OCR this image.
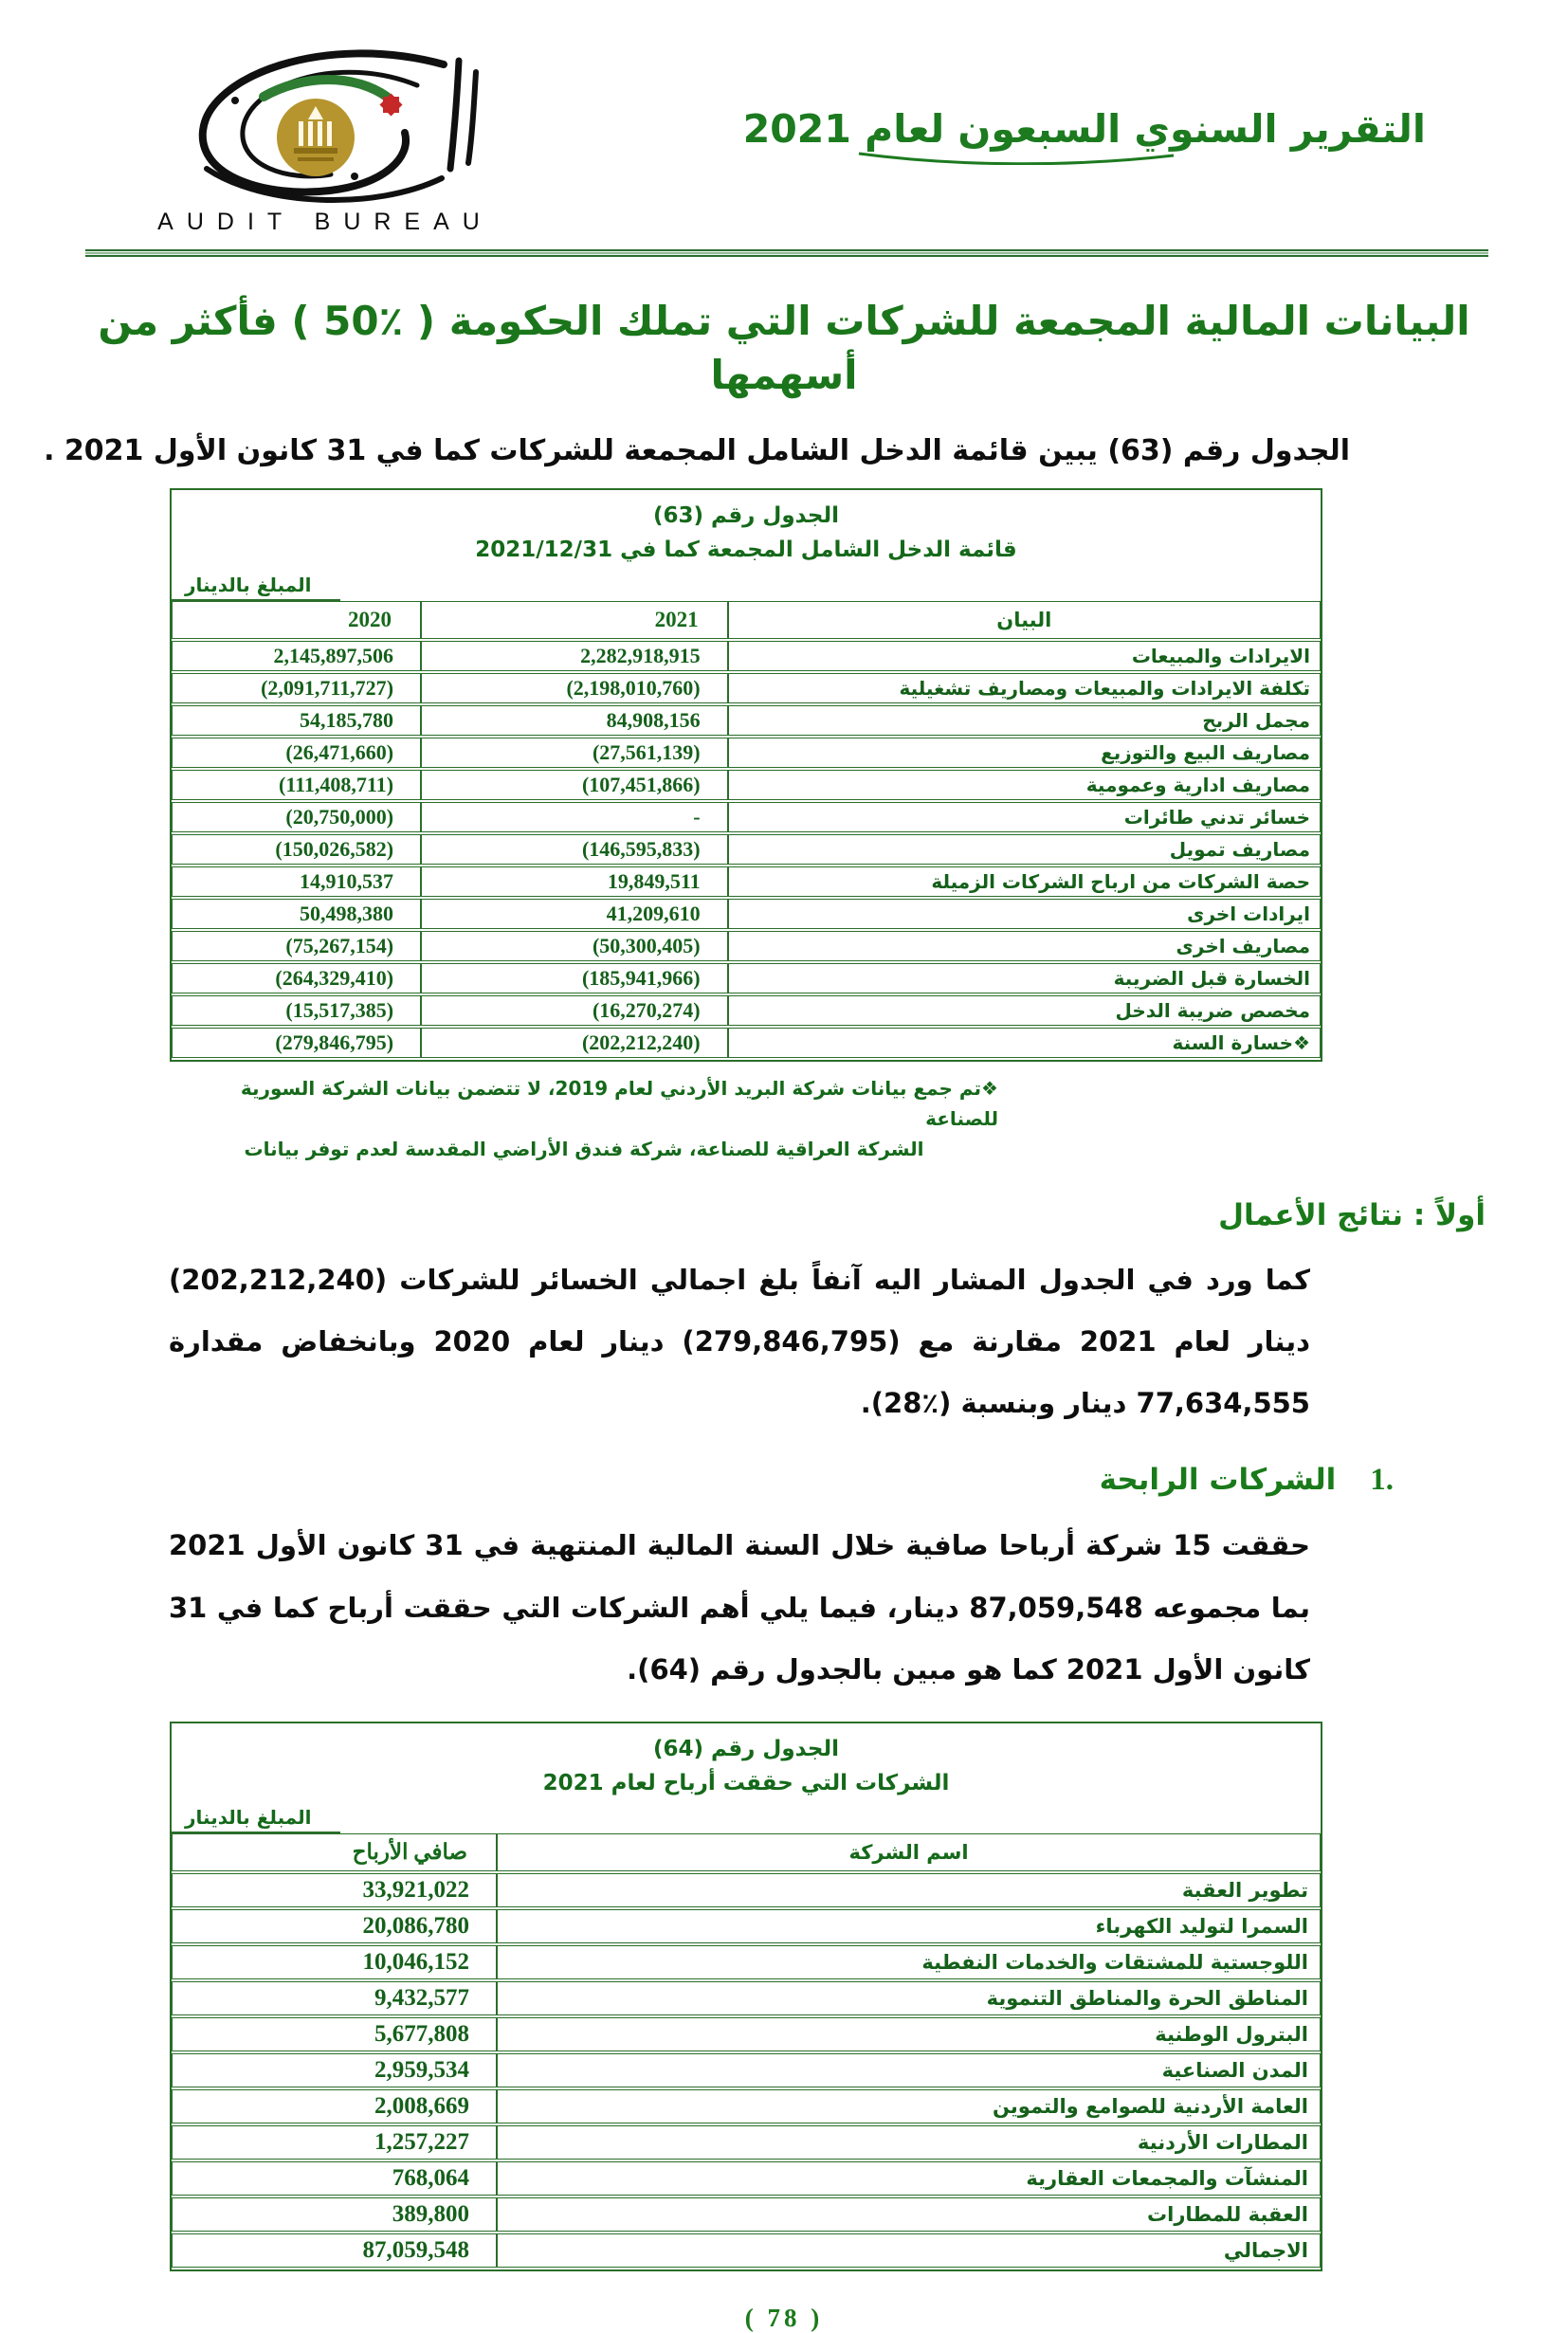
AUDIT BUREAU
التقرير السنوي السبعون لعام 2021
البيانات المالية المجمعة للشركات التي تملك الحكومة ( ٪50 ) فأكثر من أسهمها
الجدول رقم (63) يبين قائمة الدخل الشامل المجمعة للشركات كما في 31 كانون الأول 2021 .
الجدول رقم (63)
قائمة الدخل الشامل المجمعة كما في 2021/12/31
المبلغ بالدينار
البيان	2021	2020
الايرادات والمبيعات	2,282,918,915	2,145,897,506
تكلفة الايرادات والمبيعات ومصاريف تشغيلية	(2,198,010,760)	(2,091,711,727)
مجمل الربح	84,908,156	54,185,780
مصاريف البيع والتوزيع	(27,561,139)	(26,471,660)
مصاريف ادارية وعمومية	(107,451,866)	(111,408,711)
خسائر تدني طائرات	-	(20,750,000)
مصاريف تمويل	(146,595,833)	(150,026,582)
حصة الشركات من ارباح الشركات الزميلة	19,849,511	14,910,537
ايرادات اخرى	41,209,610	50,498,380
مصاريف اخرى	(50,300,405)	(75,267,154)
الخسارة قبل الضريبة	(185,941,966)	(264,329,410)
مخصص ضريبة الدخل	(16,270,274)	(15,517,385)
❖خسارة السنة	(202,212,240)	(279,846,795)
❖تم جمع بيانات شركة البريد الأردني لعام 2019، لا تتضمن بيانات الشركة السورية للصناعة
الشركة العراقية للصناعة، شركة فندق الأراضي المقدسة لعدم توفر بيانات
أولاً : نتائج الأعمال
كما ورد في الجدول المشار اليه آنفاً بلغ اجمالي الخسائر للشركات (202,212,240) دينار لعام 2021 مقارنة مع (279,846,795) دينار لعام 2020 وبانخفاض مقدارة 77,634,555 دينار وبنسبة (٪28).
1.
الشركات الرابحة
حققت 15 شركة أرباحا صافية خلال السنة المالية المنتهية في 31 كانون الأول 2021 بما مجموعه 87,059,548 دينار، فيما يلي أهم الشركات التي حققت أرباح كما في 31 كانون الأول 2021 كما هو مبين بالجدول رقم (64).
الجدول رقم (64)
الشركات التي حققت أرباح لعام 2021
المبلغ بالدينار
اسم الشركة	صافي الأرباح
تطوير العقبة	33,921,022
السمرا لتوليد الكهرباء	20,086,780
اللوجستية للمشتقات والخدمات النفطية	10,046,152
المناطق الحرة والمناطق التنموية	9,432,577
البترول الوطنية	5,677,808
المدن الصناعية	2,959,534
العامة الأردنية للصوامع والتموين	2,008,669
المطارات الأردنية	1,257,227
المنشآت والمجمعات العقارية	768,064
العقبة للمطارات	389,800
الاجمالي	87,059,548
( 78 )
